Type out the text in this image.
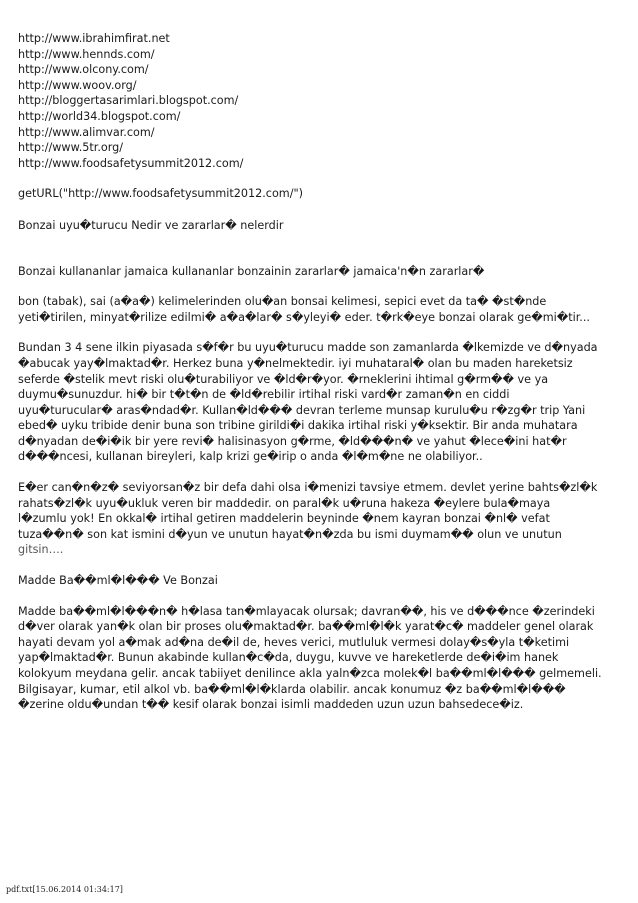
http://www.ibrahimfirat.net
http://www.hennds.com/
http://www.olcony.com/
http://www.woov.org/
http://bloggertasarimlari.blogspot.com/
http://world34.blogspot.com/
http://www.alimvar.com/
http://www.5tr.org/
http://www.foodsafetysummit2012.com/
getURL("http://www.foodsafetysummit2012.com/")
Bonzai uyu�turucu Nedir ve zararlar� nelerdir
Bonzai kullananlar jamaica kullananlar bonzainin zararlar� jamaica'n�n zararlar�
bon (tabak), sai (a�a�) kelimelerinden olu�an bonsai kelimesi, sepici evet da ta� �st�nde
yeti�tirilen, minyat�rilize edilmi� a�a�lar� s�yleyi� eder. t�rk�eye bonzai olarak ge�mi�tir...
Bundan 3 4 sene ilkin piyasada s�f�r bu uyu�turucu madde son zamanlarda �lkemizde ve d�nyada
�abucak yay�lmaktad�r. Herkez buna y�nelmektedir. iyi muhataral� olan bu maden hareketsiz
seferde �stelik mevt riski olu�turabiliyor ve �ld�r�yor. �rneklerini ihtimal g�rm�� ve ya
duymu�sunuzdur. hi� bir t�t�n de �ld�rebilir irtihal riski vard�r zaman�n en ciddi
uyu�turucular� aras�ndad�r. Kullan�ld��� devran terleme munsap kurulu�u r�zg�r trip Yani
ebed� uyku tribide denir buna son tribine girildi�i dakika irtihal riski y�ksektir. Bir anda muhatara
d�nyadan de�i�ik bir yere revi� halisinasyon g�rme, �ld���n� ve yahut �lece�ini hat�r
d���ncesi, kullanan bireyleri, kalp krizi ge�irip o anda �l�m�ne ne olabiliyor..
E�er can�n�z� seviyorsan�z bir defa dahi olsa i�menizi tavsiye etmem. devlet yerine bahts�zl�k
rahats�zl�k uyu�ukluk veren bir maddedir. on paral�k u�runa hakeza �eylere bula�maya
l�zumlu yok! En okkal� irtihal getiren maddelerin beyninde �nem kayran bonzai �nl� vefat
tuza��n� son kat ismini d�yun ve unutun hayat�n�zda bu ismi duymam�� olun ve unutun
gitsin….
Madde Ba��ml�l��� Ve Bonzai
Madde ba��ml�l���n� h�lasa tan�mlayacak olursak; davran��, his ve d���nce �zerindeki
d�ver olarak yan�k olan bir proses olu�maktad�r. ba��ml�l�k yarat�c� maddeler genel olarak
hayati devam yol a�mak ad�na de�il de, heves verici, mutluluk vermesi dolay�s�yla t�ketimi
yap�lmaktad�r. Bunun akabinde kullan�c�da, duygu, kuvve ve hareketlerde de�i�im hanek
kolokyum meydana gelir. ancak tabiiyet denilince akla yaln�zca molek�l ba��ml�l��� gelmemeli.
Bilgisayar, kumar, etil alkol vb. ba��ml�l�klarda olabilir. ancak konumuz �z ba��ml�l���
�zerine oldu�undan t�� kesif olarak bonzai isimli maddeden uzun uzun bahsedece�iz.
pdf.txt[15.06.2014 01:34:17]
